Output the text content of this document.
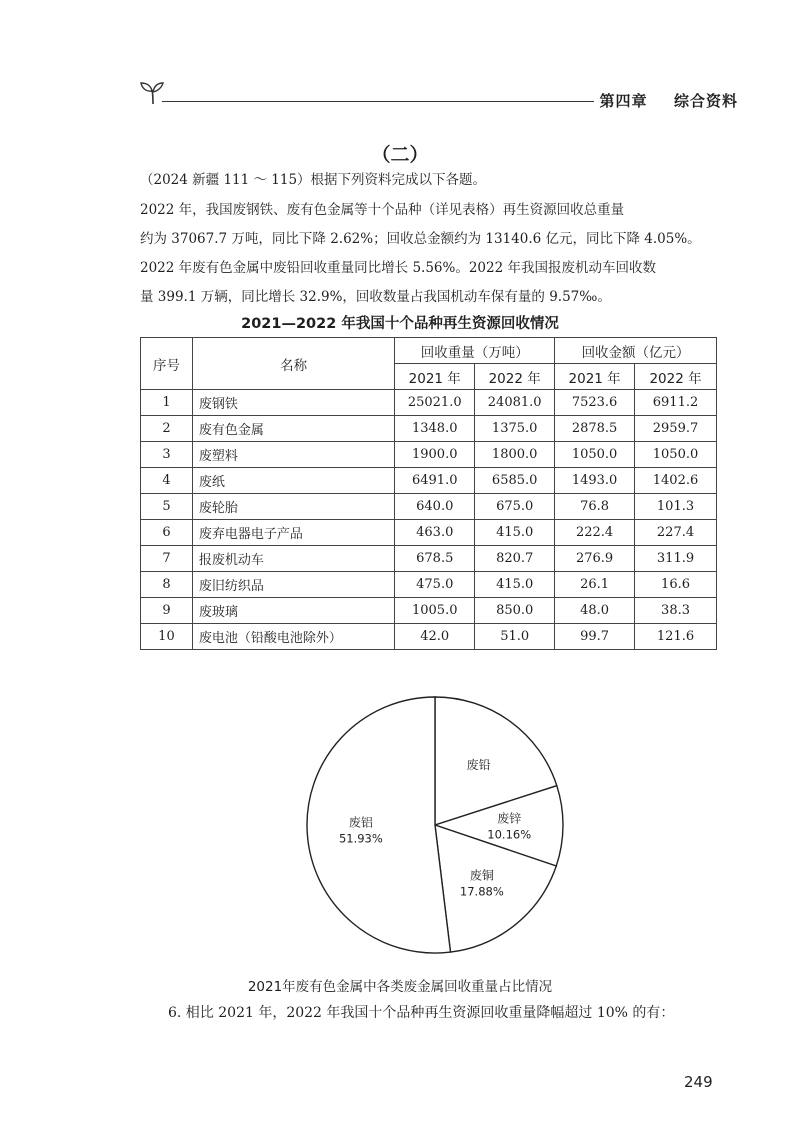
第四章 综合资料
（二）
（2024 新疆 111 ～ 115）根据下列资料完成以下各题。
2022 年，我国废钢铁、废有色金属等十个品种（详见表格）再生资源回收总重量
约为 37067.7 万吨，同比下降 2.62%；回收总金额约为 13140.6 亿元，同比下降 4.05%。
2022 年废有色金属中废铅回收重量同比增长 5.56%。2022 年我国报废机动车回收数
量 399.1 万辆，同比增长 32.9%，回收数量占我国机动车保有量的 9.57‰。
2021—2022 年我国十个品种再生资源回收情况
序号	名称	回收重量（万吨）		回收金额（亿元）	
		2021 年	2022 年	2021 年	2022 年
1	废钢铁	25021.0	24081.0	7523.6	6911.2
2	废有色金属	1348.0	1375.0	2878.5	2959.7
3	废塑料	1900.0	1800.0	1050.0	1050.0
4	废纸	6491.0	6585.0	1493.0	1402.6
5	废轮胎	640.0	675.0	76.8	101.3
6	废弃电器电子产品	463.0	415.0	222.4	227.4
7	报废机动车	678.5	820.7	276.9	311.9
8	废旧纺织品	475.0	415.0	26.1	16.6
9	废玻璃	1005.0	850.0	48.0	38.3
10	废电池（铅酸电池除外）	42.0	51.0	99.7	121.6
废铅
废锌
10.16%
废铜
17.88%
废铝
51.93%
2021年废有色金属中各类废金属回收重量占比情况
6. 相比 2021 年，2022 年我国十个品种再生资源回收重量降幅超过 10% 的有：
249
